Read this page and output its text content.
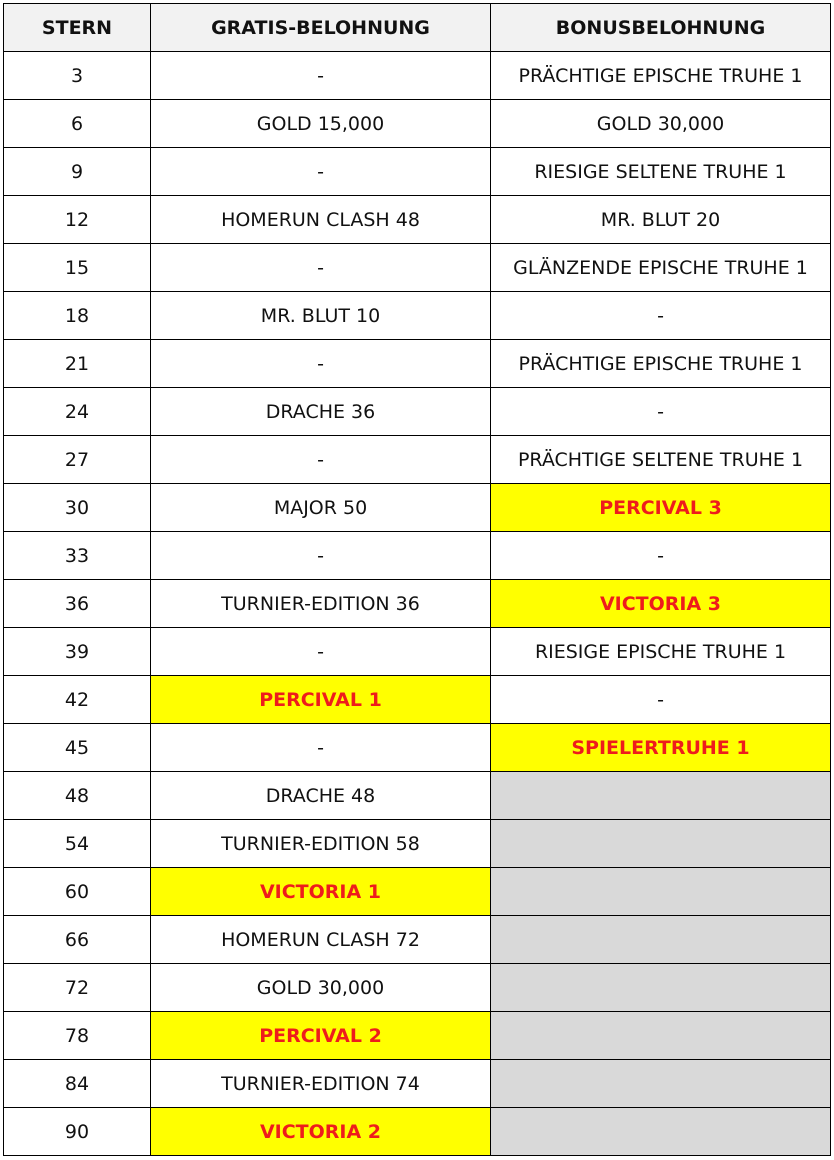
STERN	GRATIS-BELOHNUNG	BONUSBELOHNUNG
3	-	PRÄCHTIGE EPISCHE TRUHE 1
6	GOLD 15,000	GOLD 30,000
9	-	RIESIGE SELTENE TRUHE 1
12	HOMERUN CLASH 48	MR. BLUT 20
15	-	GLÄNZENDE EPISCHE TRUHE 1
18	MR. BLUT 10	-
21	-	PRÄCHTIGE EPISCHE TRUHE 1
24	DRACHE 36	-
27	-	PRÄCHTIGE SELTENE TRUHE 1
30	MAJOR 50	PERCIVAL 3
33	-	-
36	TURNIER-EDITION 36	VICTORIA 3
39	-	RIESIGE EPISCHE TRUHE 1
42	PERCIVAL 1	-
45	-	SPIELERTRUHE 1
48	DRACHE 48	
54	TURNIER-EDITION 58	
60	VICTORIA 1	
66	HOMERUN CLASH 72	
72	GOLD 30,000	
78	PERCIVAL 2	
84	TURNIER-EDITION 74	
90	VICTORIA 2	
